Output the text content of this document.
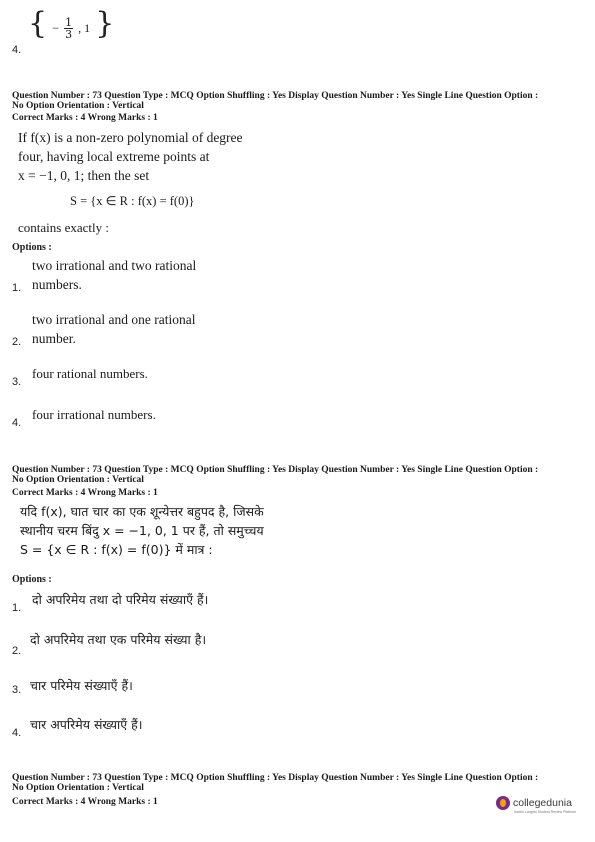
{ − $\frac{1}{3}$ , 1 }
4.
Question Number : 73 Question Type : MCQ Option Shuffling : Yes Display Question Number : Yes Single Line Question Option :
No Option Orientation : Vertical
Correct Marks : 4 Wrong Marks : 1
If f(x) is a non-zero polynomial of degree
four, having local extreme points at
x = −1, 0, 1; then the set
S = {x ∈ R : f(x) = f(0)}
contains exactly :
Options :
two irrational and two rational
numbers.
1.
two irrational and one rational
number.
2.
four rational numbers.
3.
four irrational numbers.
4.
Question Number : 73 Question Type : MCQ Option Shuffling : Yes Display Question Number : Yes Single Line Question Option :
No Option Orientation : Vertical
Correct Marks : 4 Wrong Marks : 1
यदि f(x), घात चार का एक शून्येत्तर बहुपद है, जिसके
स्थानीय चरम बिंदु x = −1, 0, 1 पर हैं, तो समुच्चय
S = {x ∈ R : f(x) = f(0)} में मात्र :
Options :
दो अपरिमेय तथा दो परिमेय संख्याएँ हैं।
1.
दो अपरिमेय तथा एक परिमेय संख्या है।
2.
चार परिमेय संख्याएँ हैं।
3.
चार अपरिमेय संख्याएँ हैं।
4.
Question Number : 73 Question Type : MCQ Option Shuffling : Yes Display Question Number : Yes Single Line Question Option :
No Option Orientation : Vertical
Correct Marks : 4 Wrong Marks : 1	collegedunia
India's Largest Student Review Platform
